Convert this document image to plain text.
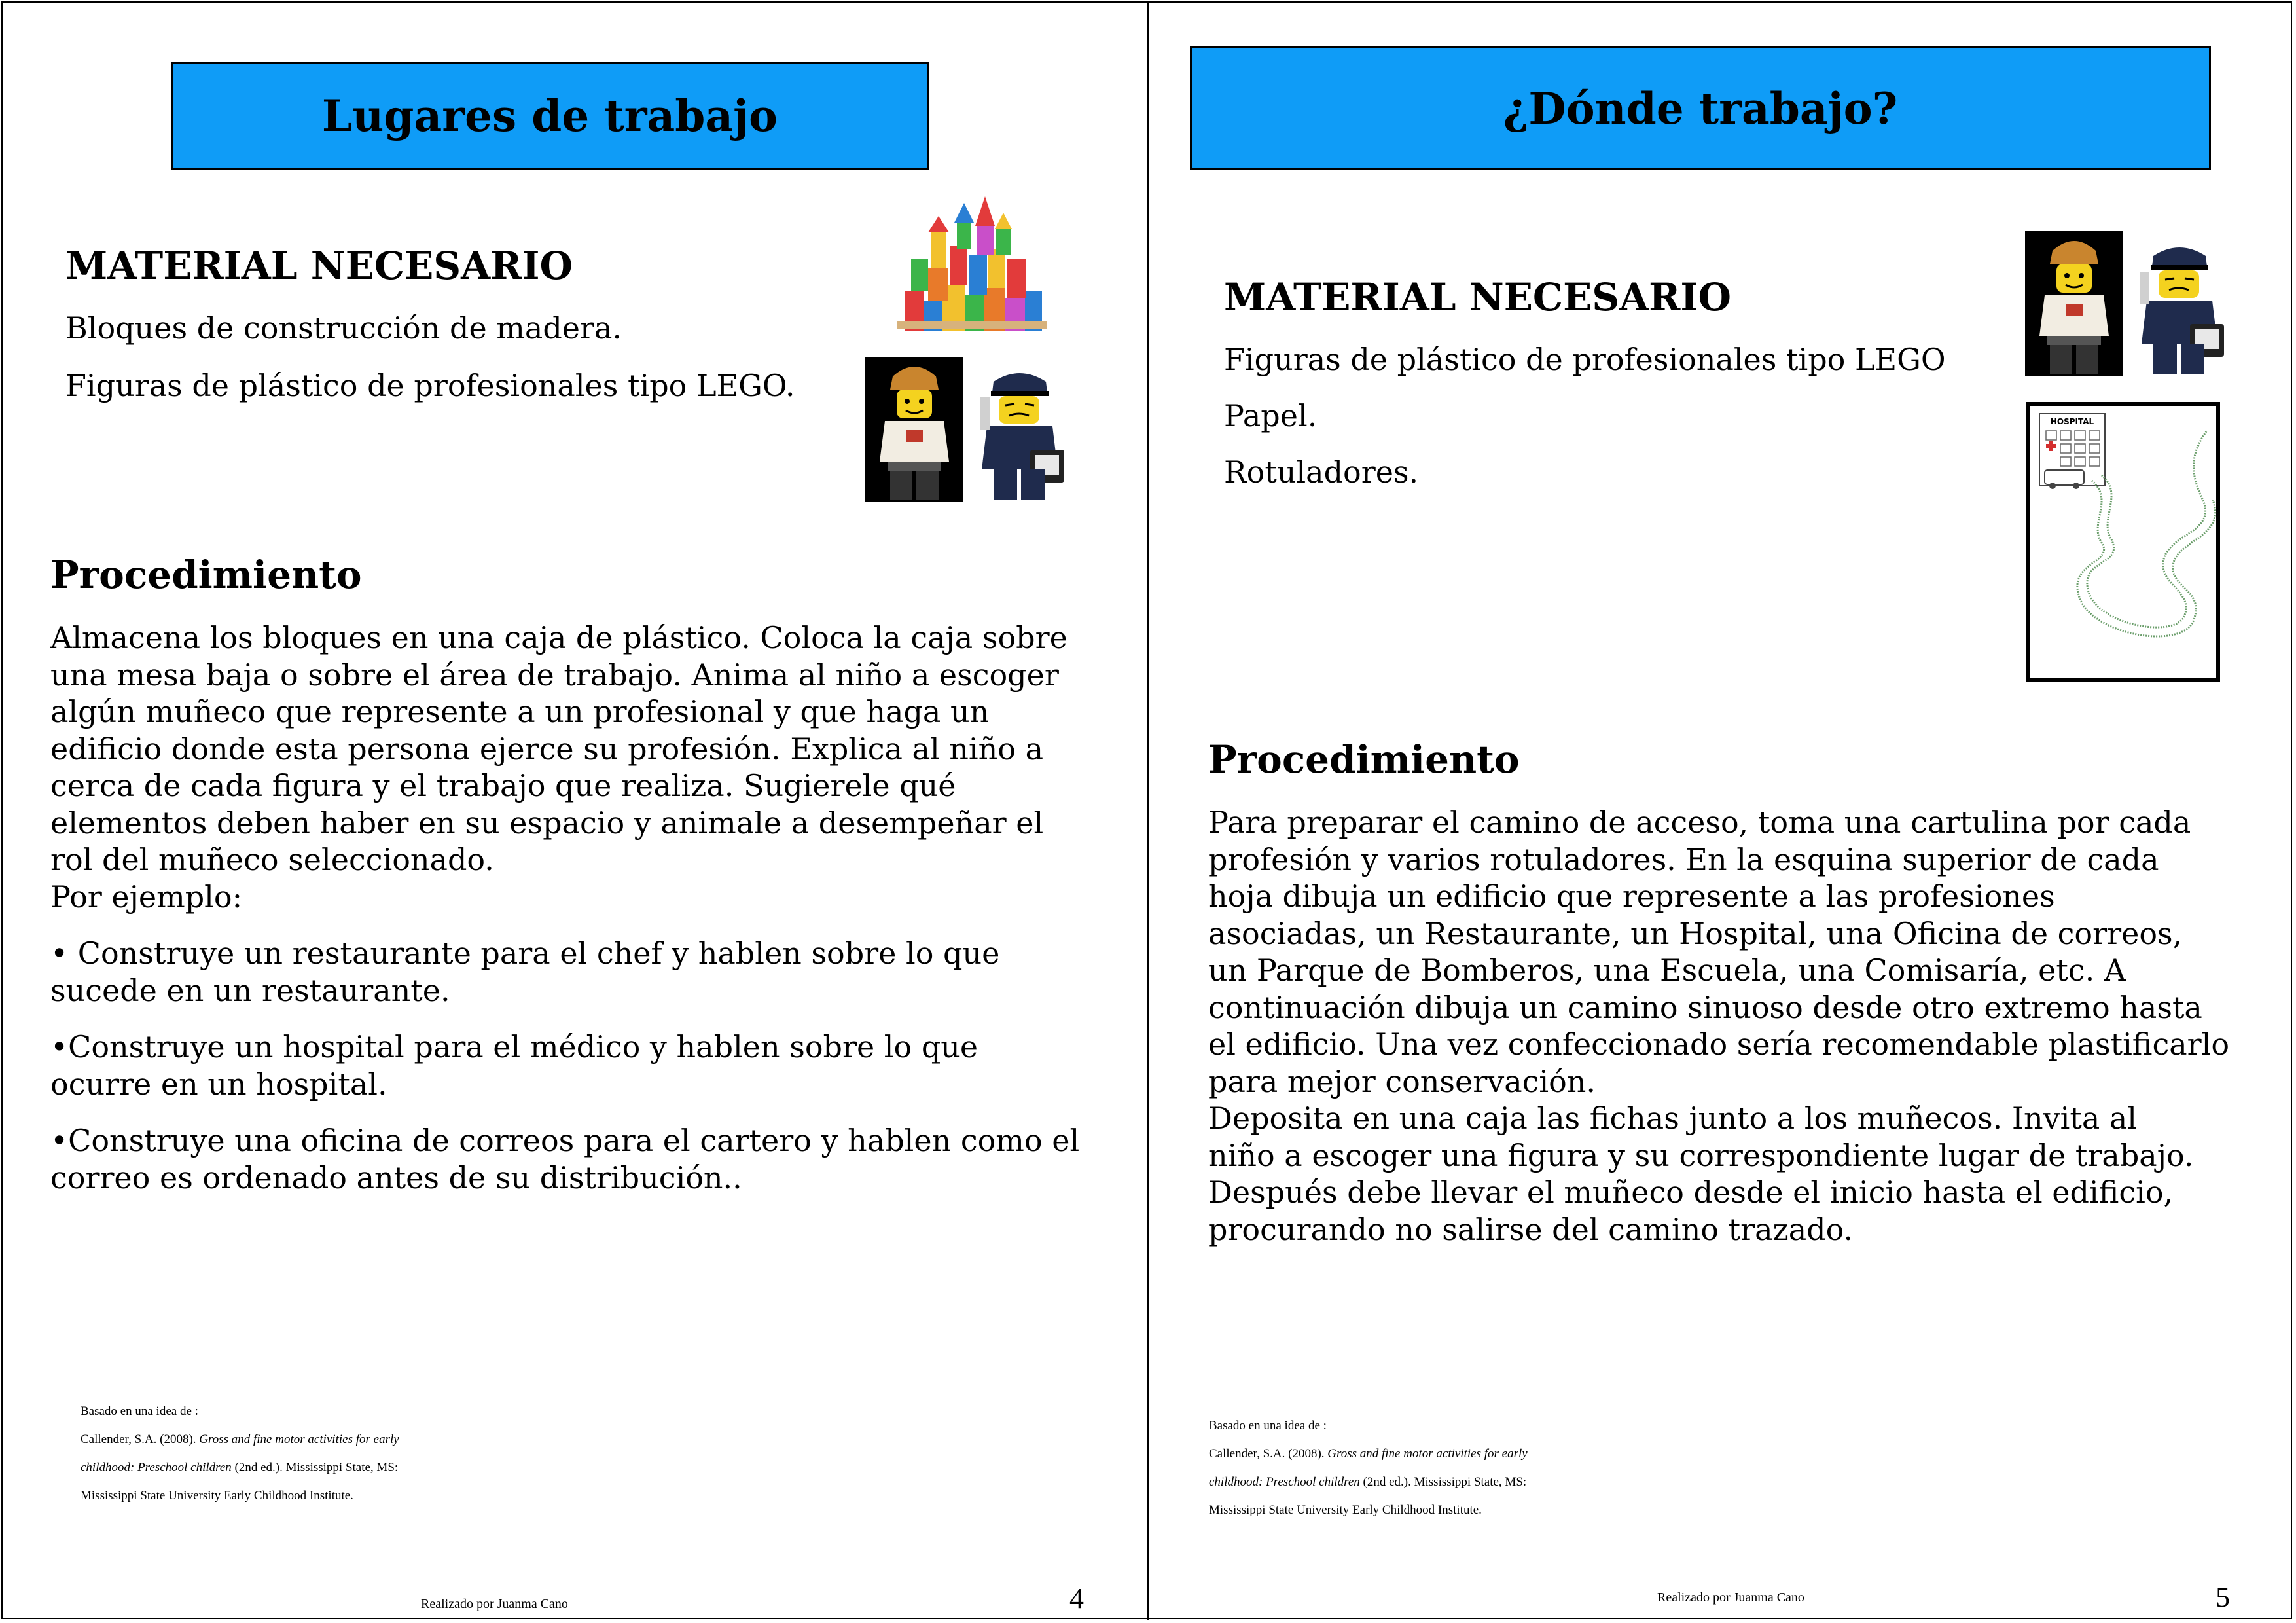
Lugares de trabajo
MATERIAL NECESARIO

Bloques de construcción de madera.

Figuras de plástico de profesionales tipo LEGO.

Procedimiento

Almacena los bloques en una caja de plástico. Coloca la caja sobre

una mesa baja o sobre el área de trabajo. Anima al niño a escoger

algún muñeco que represente a un profesional y que haga un

edificio donde esta persona ejerce su profesión. Explica al niño a

cerca de cada figura y el trabajo que realiza. Sugierele qué

elementos deben haber en su espacio y animale a desempeñar el

rol del muñeco seleccionado.

Por ejemplo:

• Construye un restaurante para el chef y hablen sobre lo que

sucede en un restaurante.

•Construye un hospital para el médico y hablen sobre lo que

ocurre en un hospital.

•Construye una oficina de correos para el cartero y hablen como el

correo es ordenado antes de su distribución..

Basado en una idea de :
Callender, S.A. (2008). Gross and fine motor activities for early
childhood: Preschool children (2nd ed.). Mississippi State, MS:
Mississippi State University Early Childhood Institute.
Realizado por Juanma Cano	4
¿Dónde trabajo?
MATERIAL NECESARIO

Figuras de plástico de profesionales tipo LEGO

Papel.

Rotuladores.

HOSPITAL
Procedimiento

Para preparar el camino de acceso, toma una cartulina por cada

profesión y varios rotuladores. En la esquina superior de cada

hoja dibuja un edificio que represente a las profesiones

asociadas, un Restaurante, un Hospital, una Oficina de correos,

un Parque de Bomberos, una Escuela, una Comisaría, etc. A

continuación dibuja un camino sinuoso desde otro extremo hasta

el edificio. Una vez confeccionado sería recomendable plastificarlo

para mejor conservación.

Deposita en una caja las fichas junto a los muñecos. Invita al

niño a escoger una figura y su correspondiente lugar de trabajo.

Después debe llevar el muñeco desde el inicio hasta el edificio,

procurando no salirse del camino trazado.

Basado en una idea de :
Callender, S.A. (2008). Gross and fine motor activities for early
childhood: Preschool children (2nd ed.). Mississippi State, MS:
Mississippi State University Early Childhood Institute.
Realizado por Juanma Cano	5
